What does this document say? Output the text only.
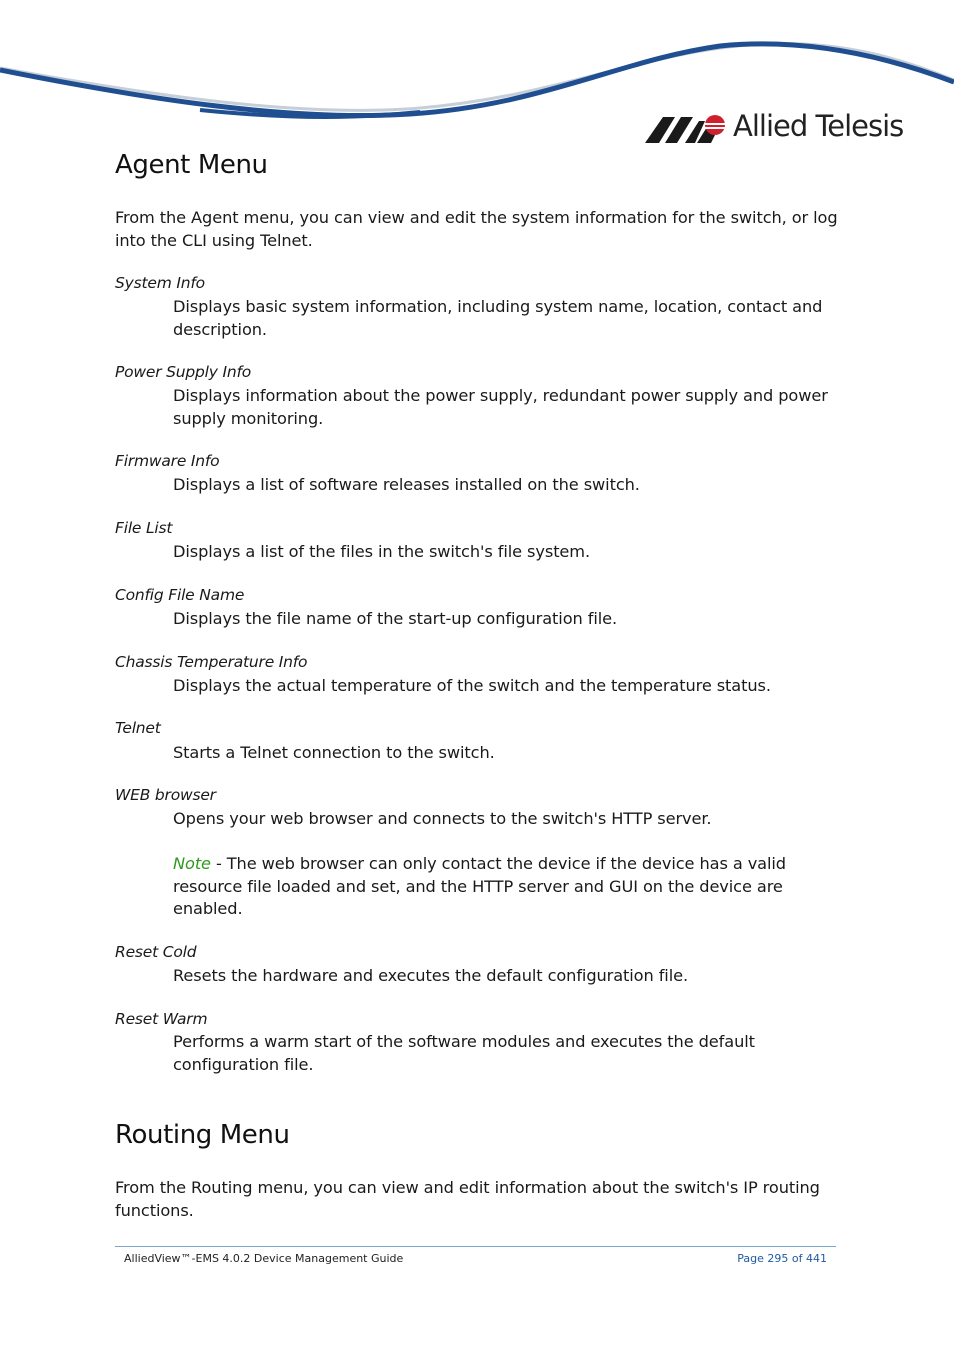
Allied Telesis
Agent Menu

From the Agent menu, you can view and edit the system information for the switch, or log into the CLI using Telnet.

System Info

Displays basic system information, including system name, location, contact and description.

Power Supply Info

Displays information about the power supply, redundant power supply and power supply monitoring.

Firmware Info

Displays a list of software releases installed on the switch.

File List

Displays a list of the files in the switch's file system.

Config File Name

Displays the file name of the start-up configuration file.

Chassis Temperature Info

Displays the actual temperature of the switch and the temperature status.

Telnet

Starts a Telnet connection to the switch.

WEB browser

Opens your web browser and connects to the switch's HTTP server.

Note - The web browser can only contact the device if the device has a valid resource file loaded and set, and the HTTP server and GUI on the device are enabled.

Reset Cold

Resets the hardware and executes the default configuration file.

Reset Warm

Performs a warm start of the software modules and executes the default configuration file.

Routing Menu

From the Routing menu, you can view and edit information about the switch's IP routing functions.

AlliedView™-EMS 4.0.2 Device Management Guide	Page 295 of 441
